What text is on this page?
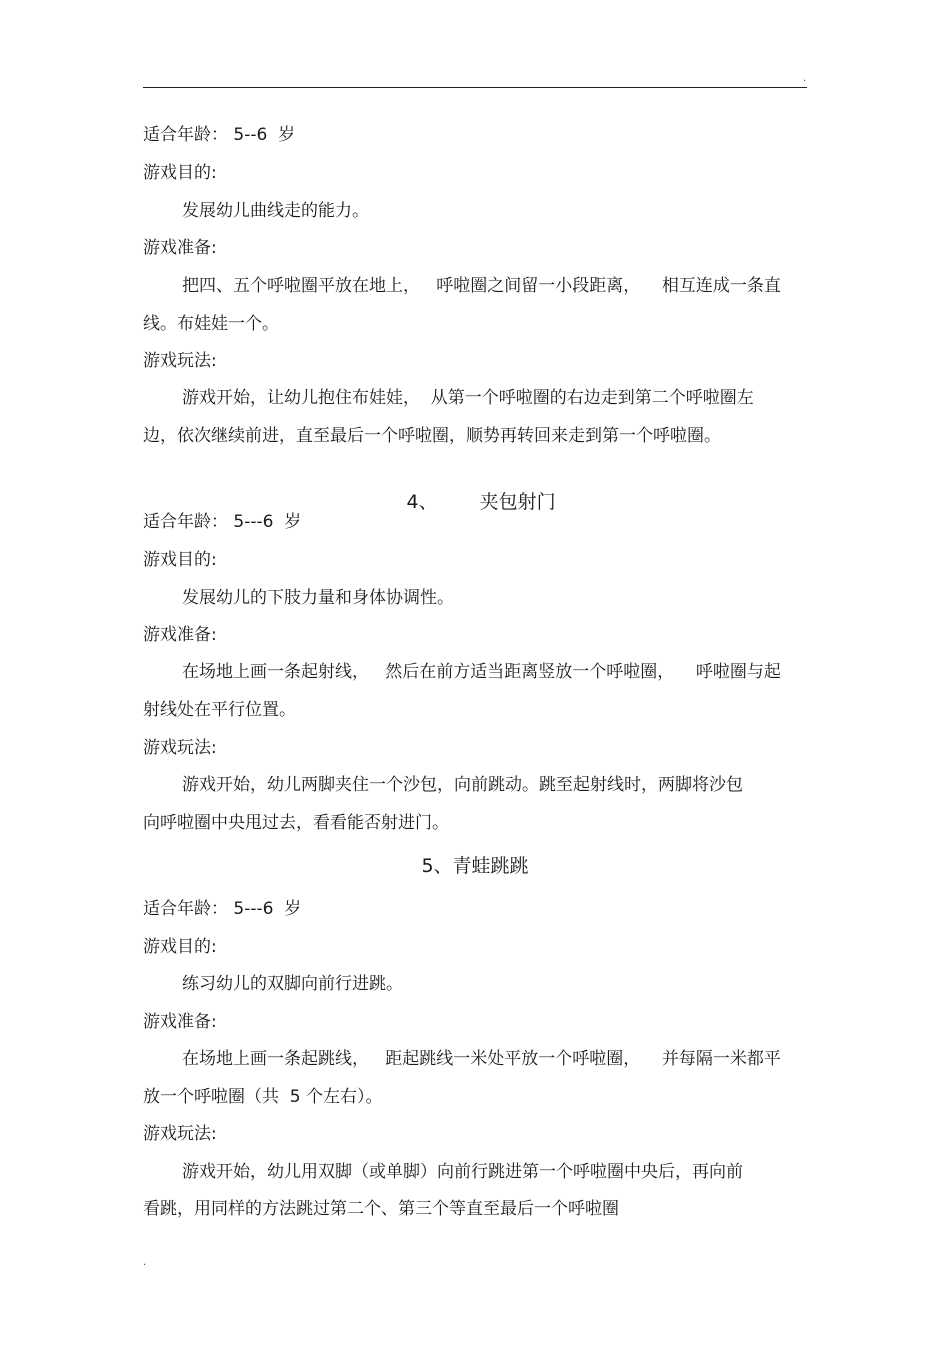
.
适合年龄： 5--6  岁
游戏目的:
发展幼儿曲线走的能力。
游戏准备:
把四、五个呼啦圈平放在地上，   呼啦圈之间留一小段距离，    相互连成一条直
线。布娃娃一个。
游戏玩法:
游戏开始，让幼儿抱住布娃娃，  从第一个呼啦圈的右边走到第二个呼啦圈左
边，依次继续前进，直至最后一个呼啦圈，顺势再转回来走到第一个呼啦圈。

4、 夹包射门

适合年龄： 5---6  岁
游戏目的:
发展幼儿的下肢力量和身体协调性。
游戏准备:
在场地上画一条起射线，   然后在前方适当距离竖放一个呼啦圈，    呼啦圈与起
射线处在平行位置。
游戏玩法:
游戏开始，幼儿两脚夹住一个沙包，向前跳动。跳至起射线时，两脚将沙包
向呼啦圈中央甩过去，看看能否射进门。
5、青蛙跳跳
适合年龄： 5---6  岁
游戏目的:
练习幼儿的双脚向前行进跳。
游戏准备:
在场地上画一条起跳线，   距起跳线一米处平放一个呼啦圈，    并每隔一米都平
放一个呼啦圈（共  5 个左右）。
游戏玩法:
游戏开始，幼儿用双脚（或单脚）向前行跳进第一个呼啦圈中央后，再向前
看跳，用同样的方法跳过第二个、第三个等直至最后一个呼啦圈
.
